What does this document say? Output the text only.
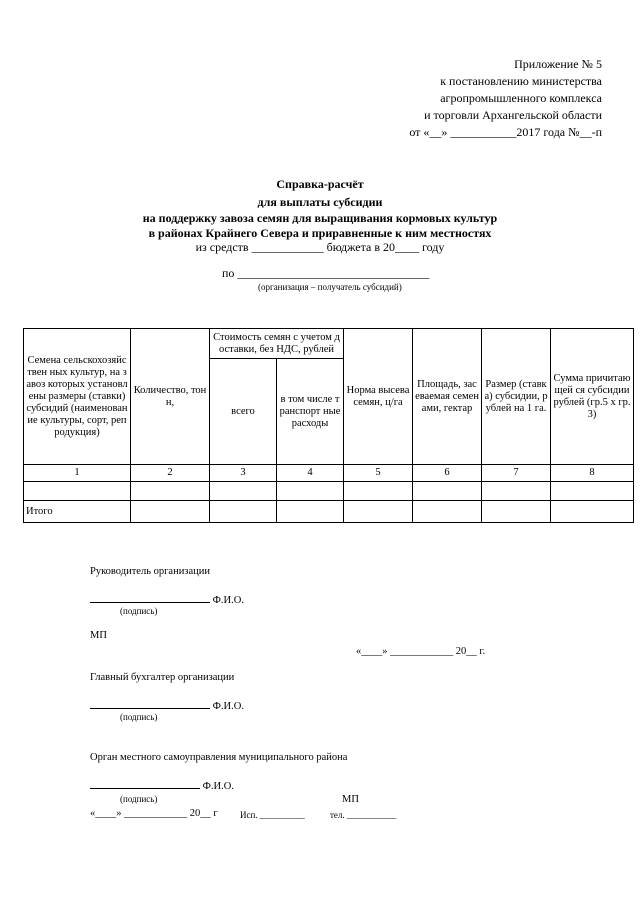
Приложение № 5
к постановлению министерства
агропромышленного комплекса
и торговли Архангельской области
от «__» ___________2017 года №__-п
Справка-расчёт
для выплаты субсидии
на поддержку завоза семян для выращивания кормовых культур
в районах Крайнего Севера и приравненные к ним местностях
из средств ____________ бюджета в 20____ году
по ________________________________
(организация – получатель субсидий)
Семена сельскохозяйствен ных культур, на завоз которых установлены размеры (ставки) субсидий (наименование культуры, сорт, репродукция)	Количество, тонн,	Стоимость семян с учетом доставки, без НДС, рублей		Норма высева семян, ц/га	Площадь, засеваемая семенами, гектар	Размер (ставка) субсидии, рублей на 1 га.	Сумма причитающей ся субсидии рублей (гр.5 х гр.3)
		всего	в том числе транспорт ные расходы				
1	2	3	4	5	6	7	8

Итого							
Руководитель организации
Ф.И.О.
(подпись)
МП
«____» ____________ 20__ г.
Главный бухгалтер организации
Ф.И.О.
(подпись)
Орган местного самоуправления муниципального района
Ф.И.О.
(подпись)	МП
«____» ____________ 20__ г Исп. __________	тел. ___________
